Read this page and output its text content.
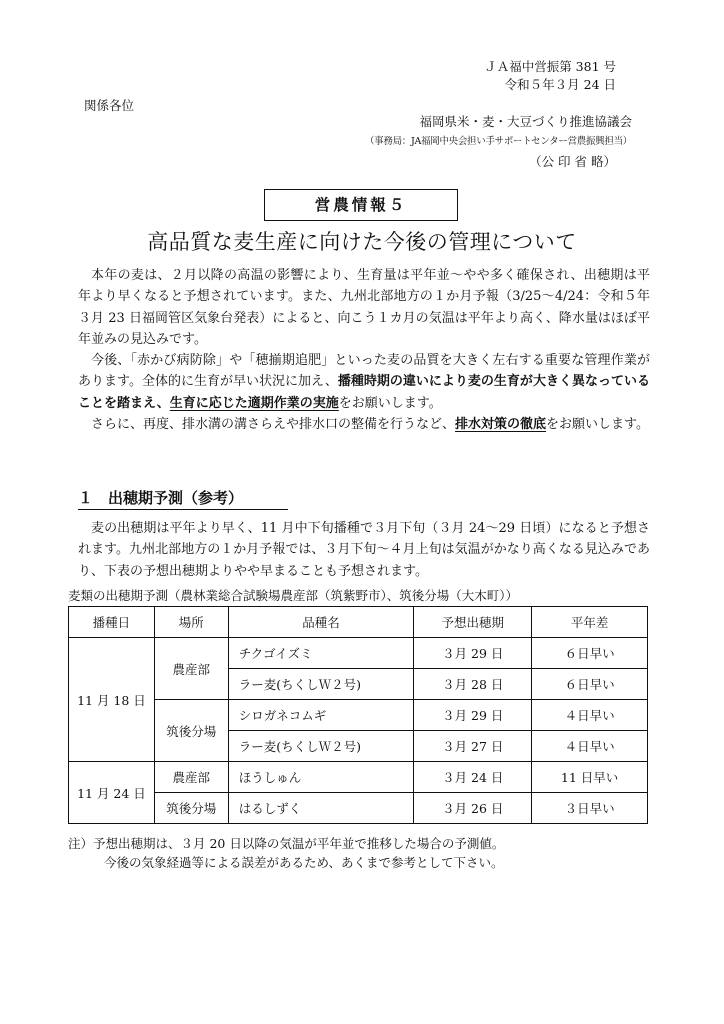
ＪＡ福中営振第 381 号
令和５年３月 24 日
関係各位
福岡県米・麦・大豆づくり推進協議会
（事務局：JA福岡中央会担い手サポートセンター営農振興担当）
（公 印 省 略）
営農情報５
高品質な麦生産に向けた今後の管理について

本年の麦は、２月以降の高温の影響により、生育量は平年並～やや多く確保され、出穂期は平年より早くなると予想されています。また、九州北部地方の１か月予報（3/25～4/24：令和５年３月 23 日福岡管区気象台発表）によると、向こう１カ月の気温は平年より高く、降水量はほぼ平年並みの見込みです。

今後、「赤かび病防除」や「穂揃期追肥」といった麦の品質を大きく左右する重要な管理作業があります。全体的に生育が早い状況に加え、播種時期の違いにより麦の生育が大きく異なっていることを踏まえ、生育に応じた適期作業の実施をお願いします。

さらに、再度、排水溝の溝さらえや排水口の整備を行うなど、排水対策の徹底をお願いします。

１　出穂期予測（参考）

麦の出穂期は平年より早く、11 月中下旬播種で３月下旬（３月 24～29 日頃）になると予想されます。九州北部地方の１か月予報では、３月下旬～４月上旬は気温がかなり高くなる見込みであり、下表の予想出穂期よりやや早まることも予想されます。

麦類の出穂期予測（農林業総合試験場農産部（筑紫野市）、筑後分場（大木町））
播種日	場所	品種名	予想出穂期	平年差
11 月 18 日	農産部	チクゴイズミ	３月 29 日	６日早い
		ラー麦(ちくしＷ２号)	３月 28 日	６日早い
	筑後分場	シロガネコムギ	３月 29 日	４日早い
		ラー麦(ちくしＷ２号)	３月 27 日	４日早い
11 月 24 日	農産部	ほうしゅん	３月 24 日	11 日早い
	筑後分場	はるしずく	３月 26 日	３日早い
注）予想出穂期は、３月 20 日以降の気温が平年並で推移した場合の予測値。
今後の気象経過等による誤差があるため、あくまで参考として下さい。
